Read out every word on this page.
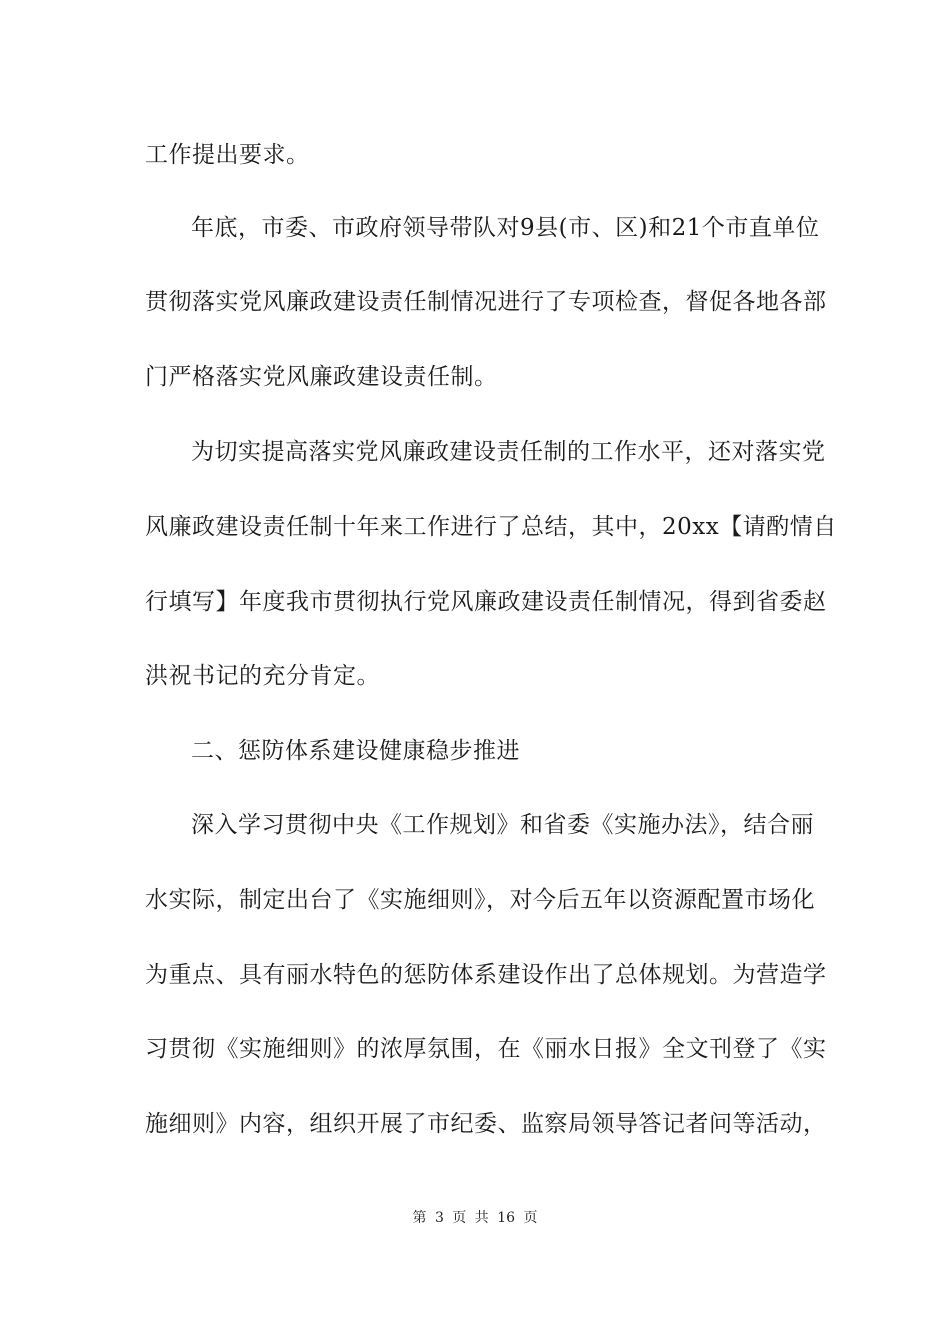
工作提出要求。
年底，市委、市政府领导带队对9县(市、区)和21个市直单位
贯彻落实党风廉政建设责任制情况进行了专项检查，督促各地各部
门严格落实党风廉政建设责任制。
为切实提高落实党风廉政建设责任制的工作水平，还对落实党
风廉政建设责任制十年来工作进行了总结，其中，20xx【请酌情自
行填写】年度我市贯彻执行党风廉政建设责任制情况，得到省委赵
洪祝书记的充分肯定。
二、惩防体系建设健康稳步推进
深入学习贯彻中央《工作规划》和省委《实施办法》，结合丽
水实际，制定出台了《实施细则》，对今后五年以资源配置市场化
为重点、具有丽水特色的惩防体系建设作出了总体规划。为营造学
习贯彻《实施细则》的浓厚氛围，在《丽水日报》全文刊登了《实
施细则》内容，组织开展了市纪委、监察局领导答记者问等活动，
第 3 页 共 16 页
